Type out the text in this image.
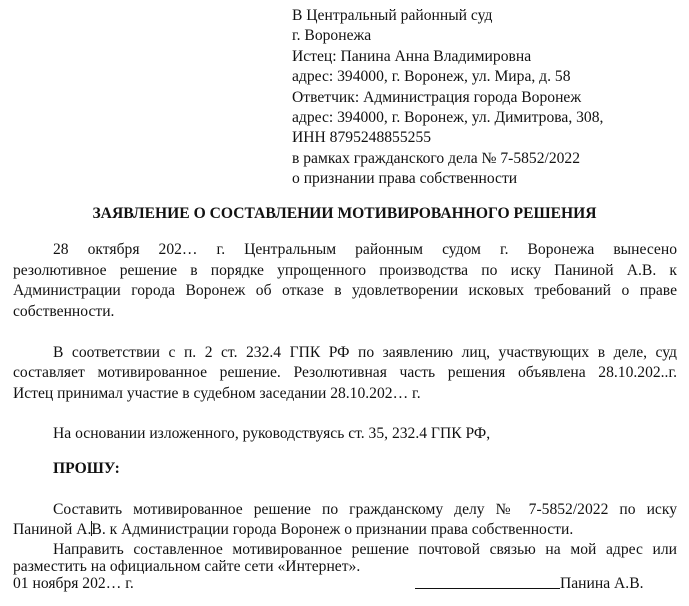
В Центральный районный суд
г. Воронежа
Истец: Панина Анна Владимировна
адрес: 394000, г. Воронеж, ул. Мира, д. 58
Ответчик: Администрация города Воронеж
адрес: 394000, г. Воронеж, ул. Димитрова, 308,
ИНН 8795248855255
в рамках гражданского дела № 7-5852/2022
о признании права собственности
ЗАЯВЛЕНИЕ О СОСТАВЛЕНИИ МОТИВИРОВАННОГО РЕШЕНИЯ
28 октября 202… г. Центральным районным судом г. Воронежа вынесено
резолютивное решение в порядке упрощенного производства по иску Паниной А.В. к
Администрации города Воронеж об отказе в удовлетворении исковых требований о праве
собственности.
В соответствии с п. 2 ст. 232.4 ГПК РФ по заявлению лиц, участвующих в деле, суд
составляет мотивированное решение. Резолютивная часть решения объявлена 28.10.202..г.
Истец принимал участие в судебном заседании 28.10.202… г.
На основании изложенного, руководствуясь ст. 35, 232.4 ГПК РФ,
ПРОШУ:
Составить мотивированное решение по гражданскому делу № 7-5852/2022 по иску
Паниной А.В. к Администрации города Воронеж о признании права собственности.
Направить составленное мотивированное решение почтовой связью на мой адрес или
разместить на официальном сайте сети «Интернет».
01 ноября 202… г.	Панина А.В.
